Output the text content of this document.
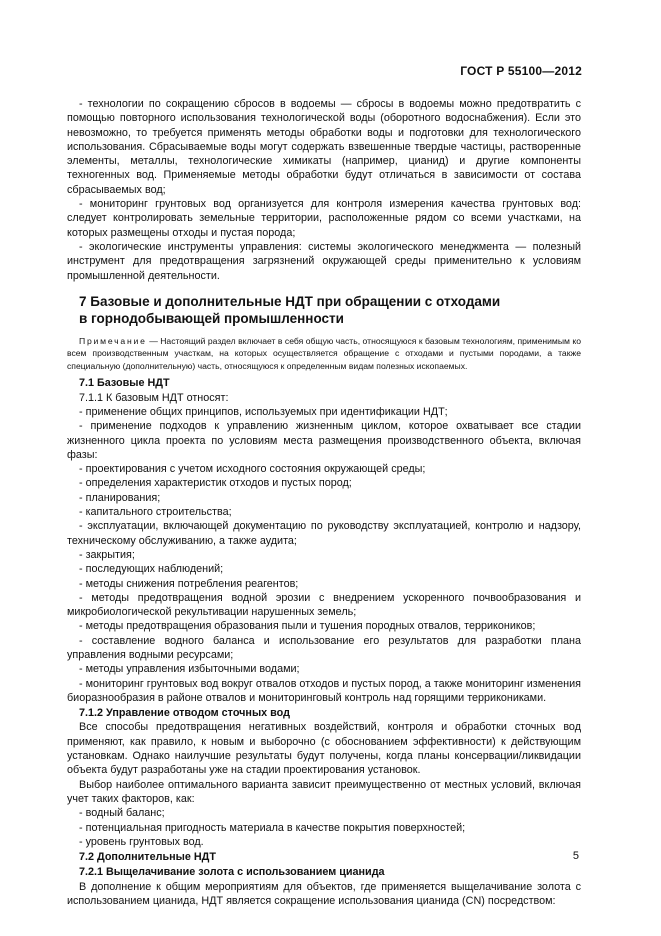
ГОСТ Р 55100—2012

- технологии по сокращению сбросов в водоемы — сбросы в водоемы можно предотвратить с помощью повторного использования технологической воды (оборотного водоснабжения). Если это невозможно, то требуется применять методы обработки воды и подготовки для технологического использования. Сбрасываемые воды могут содержать взвешенные твердые частицы, растворенные элементы, металлы, технологические химикаты (например, цианид) и другие компоненты техногенных вод. Применяемые методы обработки будут отличаться в зависимости от состава сбрасываемых вод;

- мониторинг грунтовых вод организуется для контроля измерения качества грунтовых вод: следует контролировать земельные территории, расположенные рядом со всеми участками, на которых размещены отходы и пустая порода;

- экологические инструменты управления: системы экологического менеджмента — полезный инструмент для предотвращения загрязнений окружающей среды применительно к условиям промышленной деятельности.

7 Базовые и дополнительные НДТ при обращении с отходами
в горнодобывающей промышленности

Примечание — Настоящий раздел включает в себя общую часть, относящуюся к базовым технологиям, применимым ко всем производственным участкам, на которых осуществляется обращение с отходами и пустыми породами, а также специальную (дополнительную) часть, относящуюся к определенным видам полезных ископаемых.

7.1 Базовые НДТ

7.1.1 К базовым НДТ относят:

- применение общих принципов, используемых при идентификации НДТ;

- применение подходов к управлению жизненным циклом, которое охватывает все стадии жизненного цикла проекта по условиям места размещения производственного объекта, включая фазы:

- проектирования с учетом исходного состояния окружающей среды;

- определения характеристик отходов и пустых пород;

- планирования;

- капитального строительства;

- эксплуатации, включающей документацию по руководству эксплуатацией, контролю и надзору, техническому обслуживанию, а также аудита;

- закрытия;

- последующих наблюдений;

- методы снижения потребления реагентов;

- методы предотвращения водной эрозии с внедрением ускоренного почвообразования и микробиологической рекультивации нарушенных земель;

- методы предотвращения образования пыли и тушения породных отвалов, терриконикoв;

- составление водного баланса и использование его результатов для разработки плана управления водными ресурсами;

- методы управления избыточными водами;

- мониторинг грунтовых вод вокруг отвалов отходов и пустых пород, а также мониторинг изменения биоразнообразия в районе отвалов и мониторинговый контроль над горящими терриконикaми.

7.1.2 Управление отводом сточных вод

Все способы предотвращения негативных воздействий, контроля и обработки сточных вод применяют, как правило, к новым и выборочно (с обоснованием эффективности) к действующим установкам. Однако наилучшие результаты будут получены, когда планы консервации/ликвидации объекта будут разработаны уже на стадии проектирования установок.

Выбор наиболее оптимального варианта зависит преимущественно от местных условий, включая учет таких факторов, как:

- водный баланс;

- потенциальная пригодность материала в качестве покрытия поверхностей;

- уровень грунтовых вод.

7.2 Дополнительные НДТ

7.2.1 Выщелачивание золота с использованием цианида

В дополнение к общим мероприятиям для объектов, где применяется выщелачивание золота с использованием цианида, НДТ является сокращение использования цианида (CN) посредством:

5
